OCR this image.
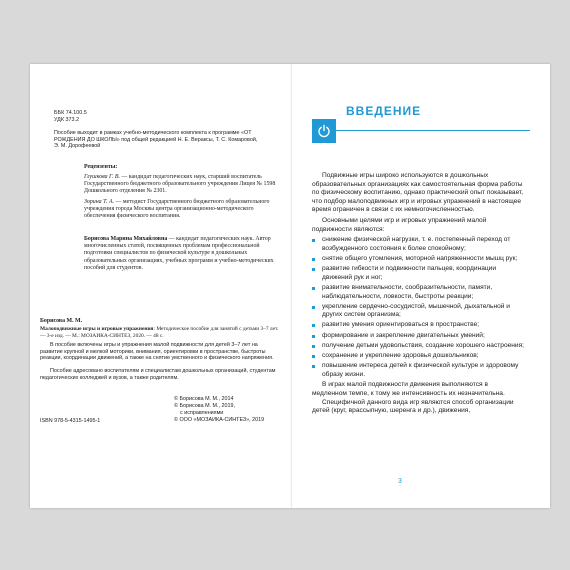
ББК 74.100.5
УДК 373.2
Пособие выходит в рамках учебно-методического комплекта к программе «ОТ РОЖДЕНИЯ ДО ШКОЛЫ» под общей редакцией Н. Е. Веракcы, Т. С. Комаровой, Э. М. Дорофеевой
Рецензенты:
Глушкова Г. В. — кандидат педагогических наук, старший воспитатель Государственного бюджетного образовательного учреждения Лицея № 1598 Дошкольного отделения № 2301.
Зорина Т. А. — методист Государственного бюджетного образовательного учреждения города Москвы центра организационно-методического обеспечения физического воспитания.
Борисова Марина Михайловна — кандидат педагогических наук. Автор многочисленных статей, посвященных проблемам профессиональной подготовки специалистов по физической культуре в дошкольных образовательных организациях, учебных программ и учебно-методических пособий для студентов.
Борисова М. М.
Малоподвижные игры и игровые упражнения: Методическое пособие для занятий с детьми 3–7 лет. — 3-е изд. — М.: МОЗАИКА-СИНТЕЗ, 2020. — 48 с.
В пособие включены игры и упражнения малой подвижности для детей 3–7 лет на развитие крупной и мелкой моторики, внимания, ориентировки в пространстве, быстроты реакции, координации движений, а также на снятие умственного и физического напряжения.
Пособие адресовано воспитателям и специалистам дошкольных организаций, студентам педагогических колледжей и вузов, а также родителям.
ISBN 978-5-4315-1495-1
© Борисова М. М., 2014
© Борисова М. М., 2019,
с исправлениями
© ООО «МОЗАИКА-СИНТЕЗ», 2019
ВВЕДЕНИЕ
Подвижные игры широко используются в дошкольных образовательных организациях как самостоятельная форма работы по физическому воспитанию, однако практический опыт показывает, что подбор малоподвижных игр и игровых упражнений в настоящее время ограничен в связи с их немногочисленностью.
Основными целями игр и игровых упражнений малой подвижности являются:
снижение физической нагрузки, т. е. постепенный переход от возбужденного состояния к более спокойному;
снятие общего утомления, моторной напряженности мышц рук;
развитие гибкости и подвижности пальцев, координации движений рук и ног;
развитие внимательности, сообразительности, памяти, наблюдательности, ловкости, быстроты реакции;
укрепление сердечно-сосудистой, мышечной, дыхательной и других систем организма;
развитие умения ориентироваться в пространстве;
формирование и закрепление двигательных умений;
получение детьми удовольствия, создание хорошего настроения;
сохранение и укрепление здоровья дошкольников;
повышение интереса детей к физической культуре и здоровому образу жизни.
В играх малой подвижности движения выполняются в медленном темпе, к тому же интенсивность их незначительна.
Специфичной данного вида игр являются способ организации детей (круг, врассыпную, шеренга и др.), движения,
3
